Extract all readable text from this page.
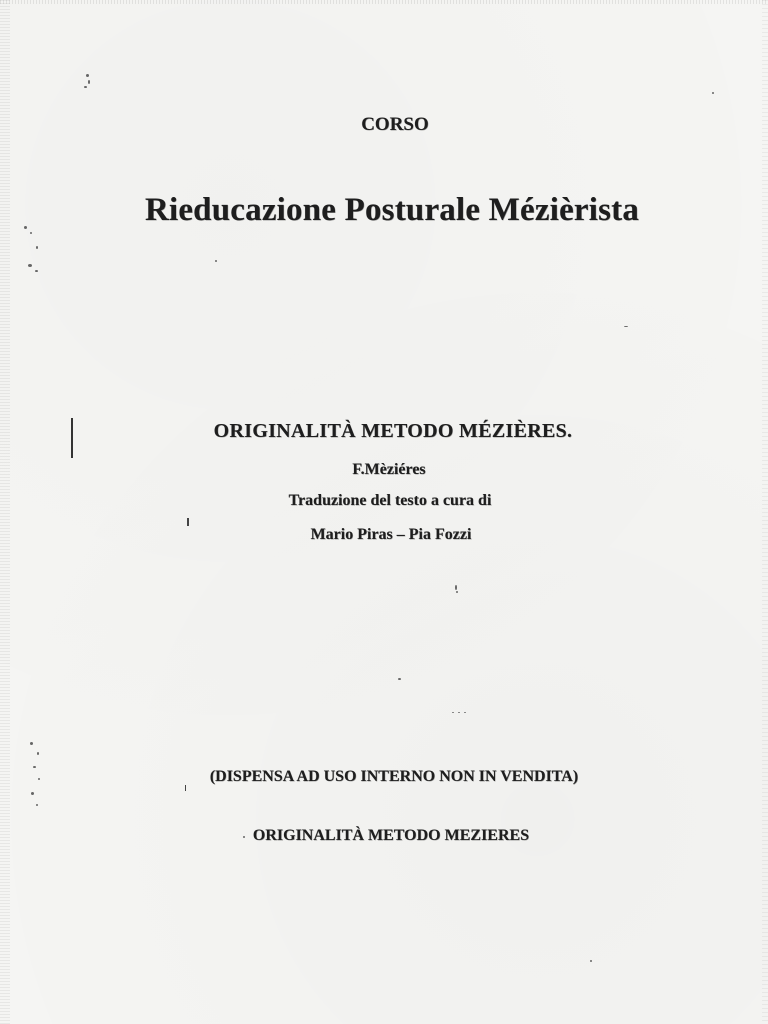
CORSO
Rieducazione Posturale Mézièrista
ORIGINALITÀ METODO MÉZIÈRES.
F.Mèziéres
Traduzione del testo a cura di
Mario Piras – Pia Fozzi
(DISPENSA AD USO INTERNO NON IN VENDITA)
ORIGINALITÀ METODO MEZIERES
